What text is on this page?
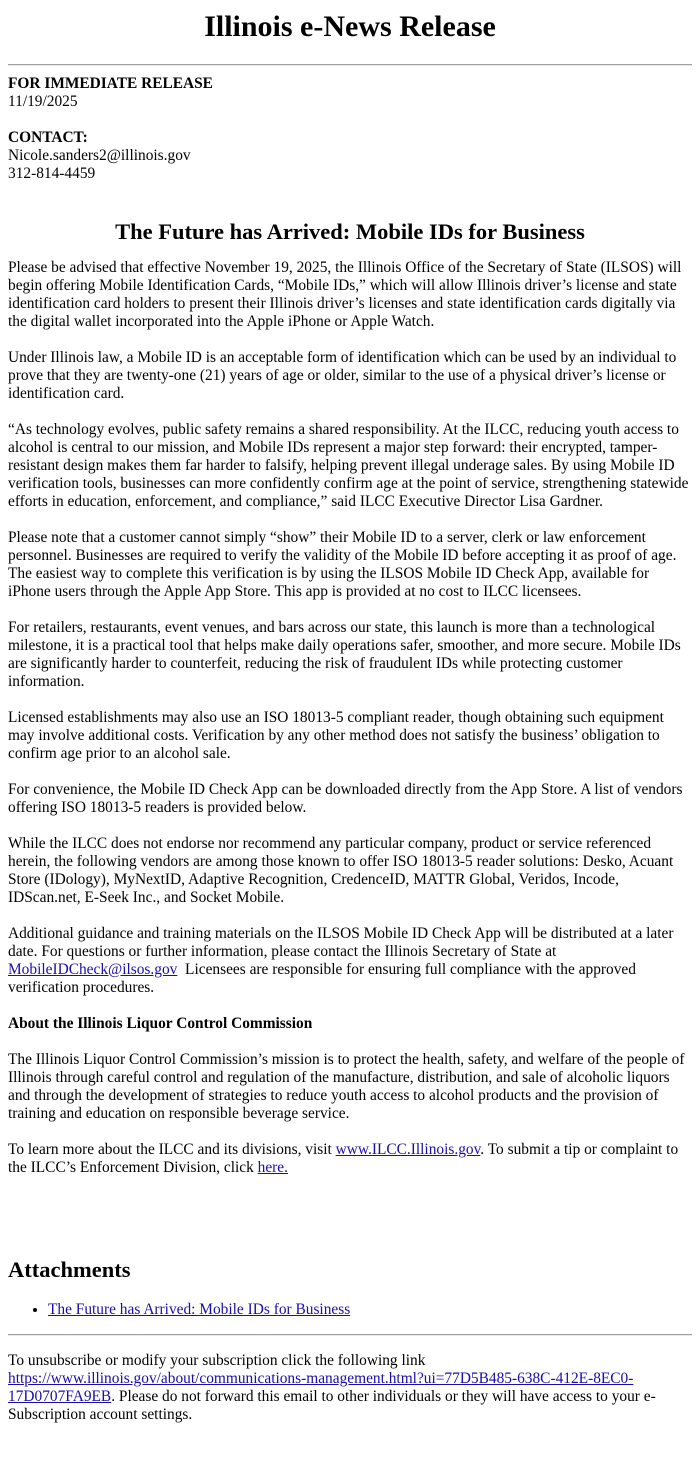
Illinois e-News Release
FOR IMMEDIATE RELEASE
11/19/2025
CONTACT:
Nicole.sanders2@illinois.gov
312-814-4459
The Future has Arrived: Mobile IDs for Business

Please be advised that effective November 19, 2025, the Illinois Office of the Secretary of State (ILSOS) will begin offering Mobile Identification Cards, “Mobile IDs,” which will allow Illinois driver’s license and state identification card holders to present their Illinois driver’s licenses and state identification cards digitally via the digital wallet incorporated into the Apple iPhone or Apple Watch.

Under Illinois law, a Mobile ID is an acceptable form of identification which can be used by an individual to prove that they are twenty-one (21) years of age or older, similar to the use of a physical driver’s license or identification card.

“As technology evolves, public safety remains a shared responsibility. At the ILCC, reducing youth access to alcohol is central to our mission, and Mobile IDs represent a major step forward: their encrypted, tamper-resistant design makes them far harder to falsify, helping prevent illegal underage sales. By using Mobile ID verification tools, businesses can more confidently confirm age at the point of service, strengthening statewide efforts in education, enforcement, and compliance,” said ILCC Executive Director Lisa Gardner.

Please note that a customer cannot simply “show” their Mobile ID to a server, clerk or law enforcement personnel. Businesses are required to verify the validity of the Mobile ID before accepting it as proof of age. The easiest way to complete this verification is by using the ILSOS Mobile ID Check App, available for iPhone users through the Apple App Store. This app is provided at no cost to ILCC licensees.

For retailers, restaurants, event venues, and bars across our state, this launch is more than a technological milestone, it is a practical tool that helps make daily operations safer, smoother, and more secure. Mobile IDs are significantly harder to counterfeit, reducing the risk of fraudulent IDs while protecting customer information.

Licensed establishments may also use an ISO 18013-5 compliant reader, though obtaining such equipment may involve additional costs. Verification by any other method does not satisfy the business’ obligation to confirm age prior to an alcohol sale.

For convenience, the Mobile ID Check App can be downloaded directly from the App Store. A list of vendors offering ISO 18013-5 readers is provided below.

While the ILCC does not endorse nor recommend any particular company, product or service referenced herein, the following vendors are among those known to offer ISO 18013-5 reader solutions: Desko, Acuant Store (IDology), MyNextID, Adaptive Recognition, CredenceID, MATTR Global, Veridos, Incode, IDScan.net, E-Seek Inc., and Socket Mobile.

Additional guidance and training materials on the ILSOS Mobile ID Check App will be distributed at a later date. For questions or further information, please contact the Illinois Secretary of State at MobileIDCheck@ilsos.gov  Licensees are responsible for ensuring full compliance with the approved verification procedures.

About the Illinois Liquor Control Commission

The Illinois Liquor Control Commission’s mission is to protect the health, safety, and welfare of the people of Illinois through careful control and regulation of the manufacture, distribution, and sale of alcoholic liquors and through the development of strategies to reduce youth access to alcohol products and the provision of training and education on responsible beverage service.

To learn more about the ILCC and its divisions, visit www.ILCC.Illinois.gov. To submit a tip or complaint to the ILCC’s Enforcement Division, click here.

Attachments
• The Future has Arrived: Mobile IDs for Business

To unsubscribe or modify your subscription click the following link https://www.illinois.gov/about/communications-management.html?ui=77D5B485-638C-412E-8EC0-17D0707FA9EB. Please do not forward this email to other individuals or they will have access to your e-Subscription account settings.
